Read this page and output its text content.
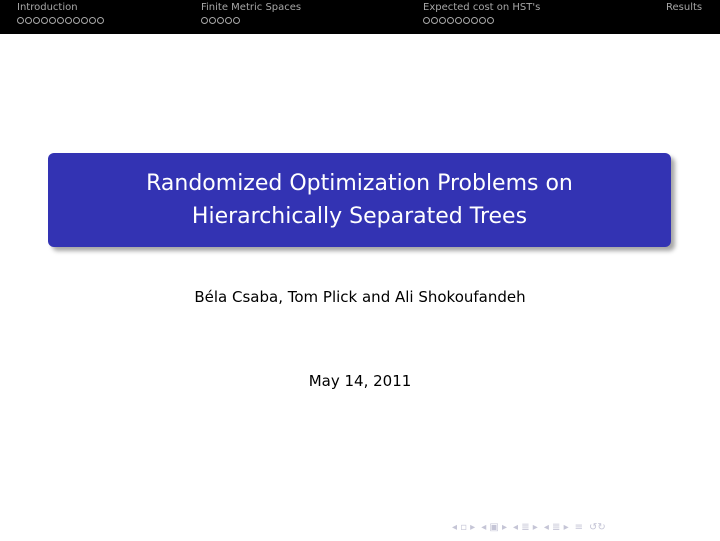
Introduction	Finite Metric Spaces	Expected cost on HST's	Results
Randomized Optimization Problems on
Hierarchically Separated Trees
Béla Csaba, Tom Plick and Ali Shokoufandeh
May 14, 2011
◂ ▫ ▸ ◂ ▣ ▸ ◂ ≣ ▸ ◂ ≣ ▸ ≡ ↺↻
